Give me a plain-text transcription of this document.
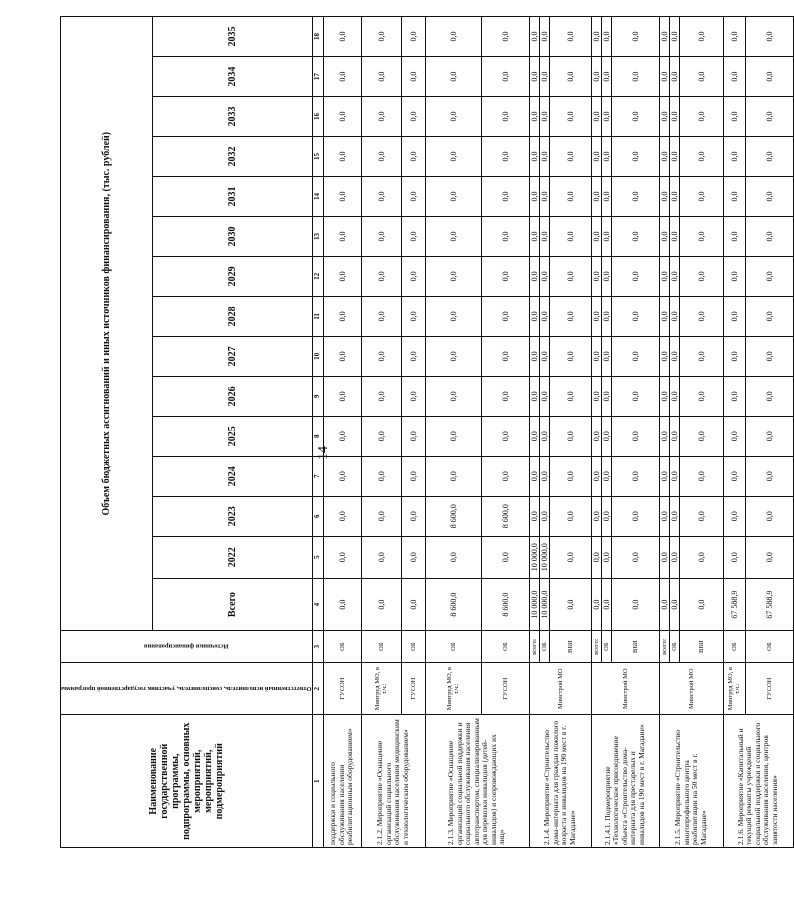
14
Наименование государственной программы, подпрограммы, основных мероприятий, мероприятий, подмероприятий	Ответственный исполнитель, соисполнитель, участник государственной программы	Источники финансирования	Объем бюджетных ассигнований и иных источников финансирования, (тыс. рублей)														
			Всего	2022	2023	2024	2025	2026	2027	2028	2029	2030	2031	2032	2033	2034	2035
1	2	3	4	5	6	7	8	9	10	11	12	13	14	15	16	17	18
поддержки и социального обслуживания населения реабилитационным оборудованием»	ГУСОН	ОБ	0,0	0,0	0,0	0,0	0,0	0,0	0,0	0,0	0,0	0,0	0,0	0,0	0,0	0,0	0,0
2.1.2. Мероприятие «Оснащение организаций социального обслуживания населения медицинским и технологическим оборудованием»	Минтруд МО, в т.ч.:	ОБ	0,0	0,0	0,0	0,0	0,0	0,0	0,0	0,0	0,0	0,0	0,0	0,0	0,0	0,0	0,0
	ГУСОН	ОБ	0,0	0,0	0,0	0,0	0,0	0,0	0,0	0,0	0,0	0,0	0,0	0,0	0,0	0,0	0,0
2.1.3. Мероприятие «Оснащение организаций социальной поддержки и социального обслуживания населения автотранспортом, специализированным для перевозки инвалидов (детей-инвалидов) и сопровождающих их лиц»	Минтруд МО, в т.ч.:	ОБ	8 600,0	0,0	8 600,0	0,0	0,0	0,0	0,0	0,0	0,0	0,0	0,0	0,0	0,0	0,0	0,0
	ГУСОН	ОБ	8 600,0	0,0	8 600,0	0,0	0,0	0,0	0,0	0,0	0,0	0,0	0,0	0,0	0,0	0,0	0,0
2.1.4. Мероприятие «Строительство дома-интерната для граждан пожилого возраста и инвалидов на 190 мест в г. Магадане»	Минстрой МО	всего:	10 000,0	10 000,0	0,0	0,0	0,0	0,0	0,0	0,0	0,0	0,0	0,0	0,0	0,0	0,0	0,0
		ОБ	10 000,0	10 000,0	0,0	0,0	0,0	0,0	0,0	0,0	0,0	0,0	0,0	0,0	0,0	0,0	0,0
		ВБИ	0,0	0,0	0,0	0,0	0,0	0,0	0,0	0,0	0,0	0,0	0,0	0,0	0,0	0,0	0,0
2.1.4.1. Подмероприятие «Технологическое присоединение объекта «Строительство дома-интерната для престарелых и инвалидов на 190 мест в г. Магадане»	Минстрой МО	всего:	0,0	0,0	0,0	0,0	0,0	0,0	0,0	0,0	0,0	0,0	0,0	0,0	0,0	0,0	0,0
		ОБ	0,0	0,0	0,0	0,0	0,0	0,0	0,0	0,0	0,0	0,0	0,0	0,0	0,0	0,0	0,0
		ВБИ	0,0	0,0	0,0	0,0	0,0	0,0	0,0	0,0	0,0	0,0	0,0	0,0	0,0	0,0	0,0
2.1.5. Мероприятие «Строительство многопрофильного центра реабилитации на 50 мест в г. Магадане»	Минстрой МО	всего:	0,0	0,0	0,0	0,0	0,0	0,0	0,0	0,0	0,0	0,0	0,0	0,0	0,0	0,0	0,0
		ОБ	0,0	0,0	0,0	0,0	0,0	0,0	0,0	0,0	0,0	0,0	0,0	0,0	0,0	0,0	0,0
		ВБИ	0,0	0,0	0,0	0,0	0,0	0,0	0,0	0,0	0,0	0,0	0,0	0,0	0,0	0,0	0,0
2.1.6. Мероприятие «Капитальный и текущий ремонты учреждений социальной поддержки и социального обслуживания населения, центров занятости населения»	Минтруд МО, в т.ч.:	ОБ	67 588,9	0,0	0,0	0,0	0,0	0,0	0,0	0,0	0,0	0,0	0,0	0,0	0,0	0,0	0,0
	ГУСОН	ОБ	67 588,9	0,0	0,0	0,0	0,0	0,0	0,0	0,0	0,0	0,0	0,0	0,0	0,0	0,0	0,0
